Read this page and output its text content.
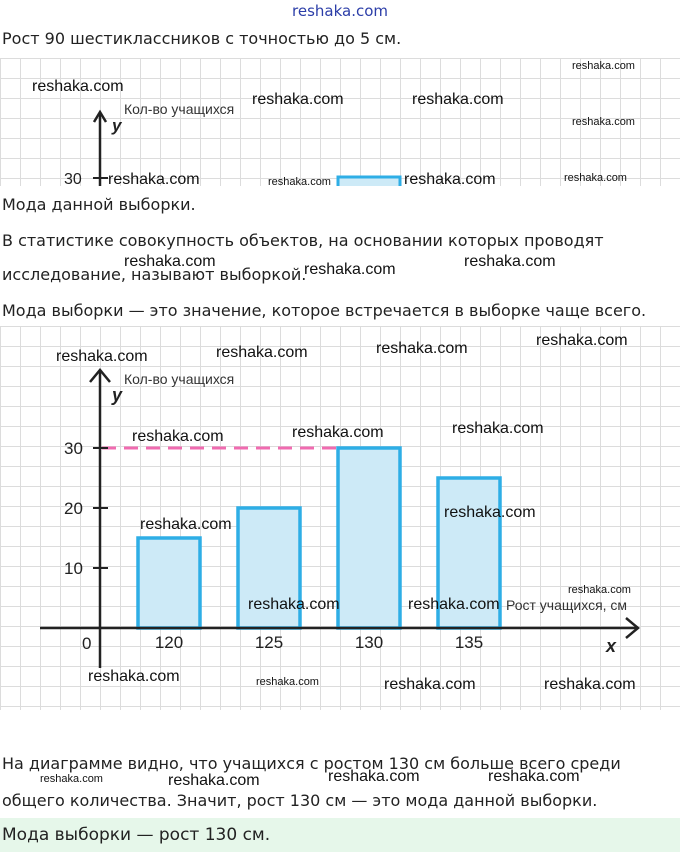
reshaka.com
Рост 90 шестиклассников с точностью до 5 см.
y
Кол-во учащихся
30
reshaka.com
reshaka.com	reshaka.com
reshaka.com
reshaka.com
reshaka.com	reshaka.com	reshaka.com	reshaka.com
Мода данной выборки.
В статистике совокупность объектов, на основании которых проводят
исследование, называют выборкой.
reshaka.com	reshaka.com	reshaka.com
Мода выборки — это значение, которое встречается в выборке чаще всего.
10
20
30
120	125	130	135
0
y
Кол-во учащихся
x
Рост учащихся, см
reshaka.com	reshaka.com	reshaka.com	reshaka.com
reshaka.com	reshaka.com	reshaka.com
reshaka.com
reshaka.com
reshaka.com	reshaka.com
reshaka.com
reshaka.com	reshaka.com	reshaka.com	reshaka.com
На диаграмме видно, что учащихся с ростом 130 см больше всего среди
reshaka.com	reshaka.com	reshaka.com	reshaka.com
общего количества. Значит, рост 130 см — это мода данной выборки.
Мода выборки — рост 130 см.
